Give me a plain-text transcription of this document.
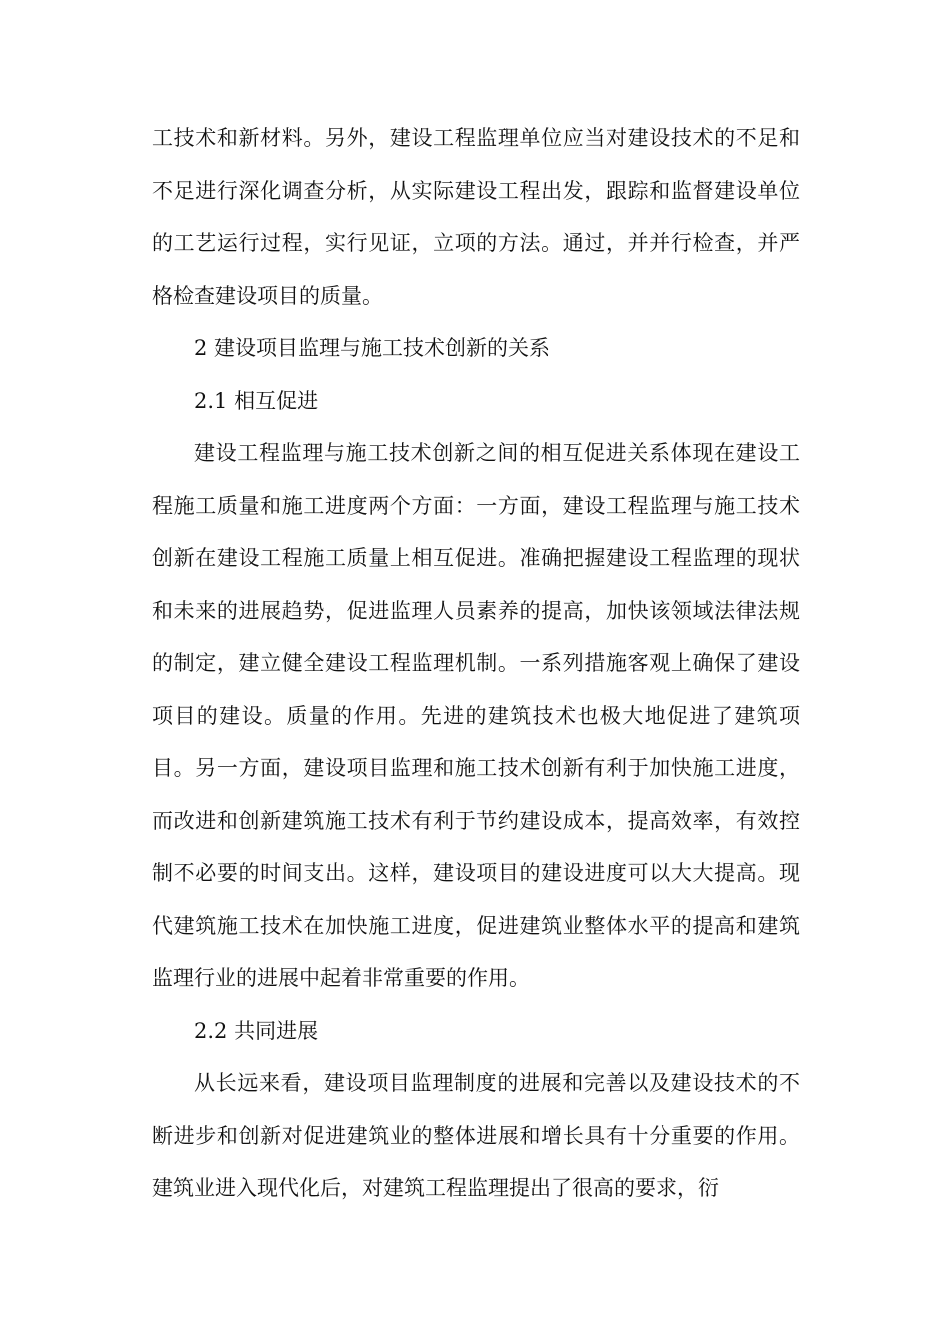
工技术和新材料。另外，建设工程监理单位应当对建设技术的不足和不足进行深化调查分析，从实际建设工程出发，跟踪和监督建设单位的工艺运行过程，实行见证，立项的方法。通过，并并行检查，并严格检查建设项目的质量。

2 建设项目监理与施工技术创新的关系

2.1 相互促进

建设工程监理与施工技术创新之间的相互促进关系体现在建设工程施工质量和施工进度两个方面：一方面，建设工程监理与施工技术创新在建设工程施工质量上相互促进。准确把握建设工程监理的现状和未来的进展趋势，促进监理人员素养的提高，加快该领域法律法规的制定，建立健全建设工程监理机制。一系列措施客观上确保了建设项目的建设。质量的作用。先进的建筑技术也极大地促进了建筑项目。另一方面，建设项目监理和施工技术创新有利于加快施工进度，而改进和创新建筑施工技术有利于节约建设成本，提高效率，有效控制不必要的时间支出。这样，建设项目的建设进度可以大大提高。现代建筑施工技术在加快施工进度，促进建筑业整体水平的提高和建筑监理行业的进展中起着非常重要的作用。

2.2 共同进展

从长远来看，建设项目监理制度的进展和完善以及建设技术的不断进步和创新对促进建筑业的整体进展和增长具有十分重要的作用。建筑业进入现代化后，对建筑工程监理提出了很高的要求，衍
